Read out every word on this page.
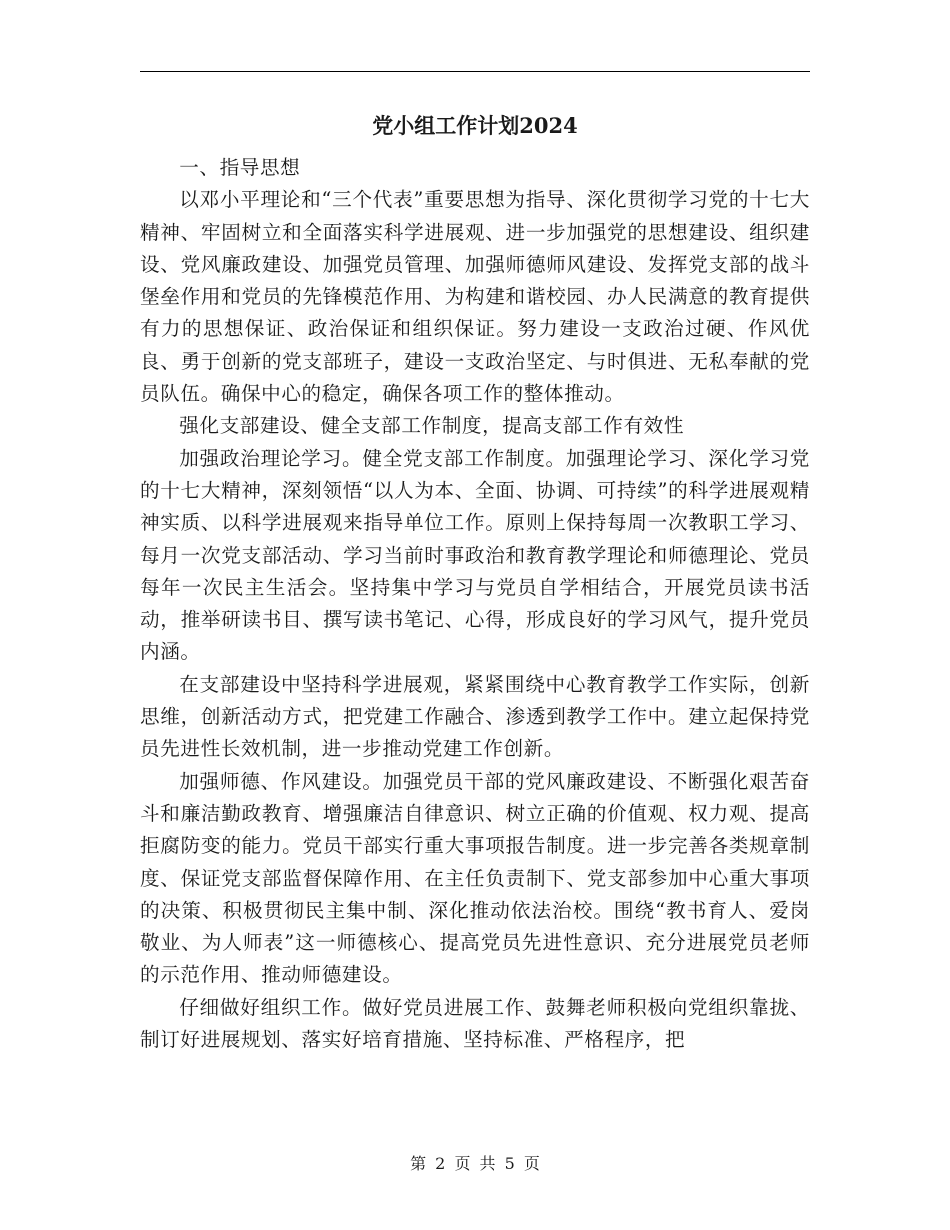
党小组工作计划2024

一、指导思想

以邓小平理论和“三个代表”重要思想为指导、深化贯彻学习党的十七大精神、牢固树立和全面落实科学进展观、进一步加强党的思想建设、组织建设、党风廉政建设、加强党员管理、加强师德师风建设、发挥党支部的战斗堡垒作用和党员的先锋模范作用、为构建和谐校园、办人民满意的教育提供有力的思想保证、政治保证和组织保证。努力建设一支政治过硬、作风优良、勇于创新的党支部班子，建设一支政治坚定、与时俱进、无私奉献的党员队伍。确保中心的稳定，确保各项工作的整体推动。

强化支部建设、健全支部工作制度，提高支部工作有效性

加强政治理论学习。健全党支部工作制度。加强理论学习、深化学习党的十七大精神，深刻领悟“以人为本、全面、协调、可持续”的科学进展观精神实质、以科学进展观来指导单位工作。原则上保持每周一次教职工学习、每月一次党支部活动、学习当前时事政治和教育教学理论和师德理论、党员每年一次民主生活会。坚持集中学习与党员自学相结合，开展党员读书活动，推举研读书目、撰写读书笔记、心得，形成良好的学习风气，提升党员内涵。

在支部建设中坚持科学进展观，紧紧围绕中心教育教学工作实际，创新思维，创新活动方式，把党建工作融合、渗透到教学工作中。建立起保持党员先进性长效机制，进一步推动党建工作创新。

加强师德、作风建设。加强党员干部的党风廉政建设、不断强化艰苦奋斗和廉洁勤政教育、增强廉洁自律意识、树立正确的价值观、权力观、提高拒腐防变的能力。党员干部实行重大事项报告制度。进一步完善各类规章制度、保证党支部监督保障作用、在主任负责制下、党支部参加中心重大事项的决策、积极贯彻民主集中制、深化推动依法治校。围绕“教书育人、爱岗敬业、为人师表”这一师德核心、提高党员先进性意识、充分进展党员老师的示范作用、推动师德建设。

仔细做好组织工作。做好党员进展工作、鼓舞老师积极向党组织靠拢、制订好进展规划、落实好培育措施、坚持标准、严格程序，把

第 2 页 共 5 页
